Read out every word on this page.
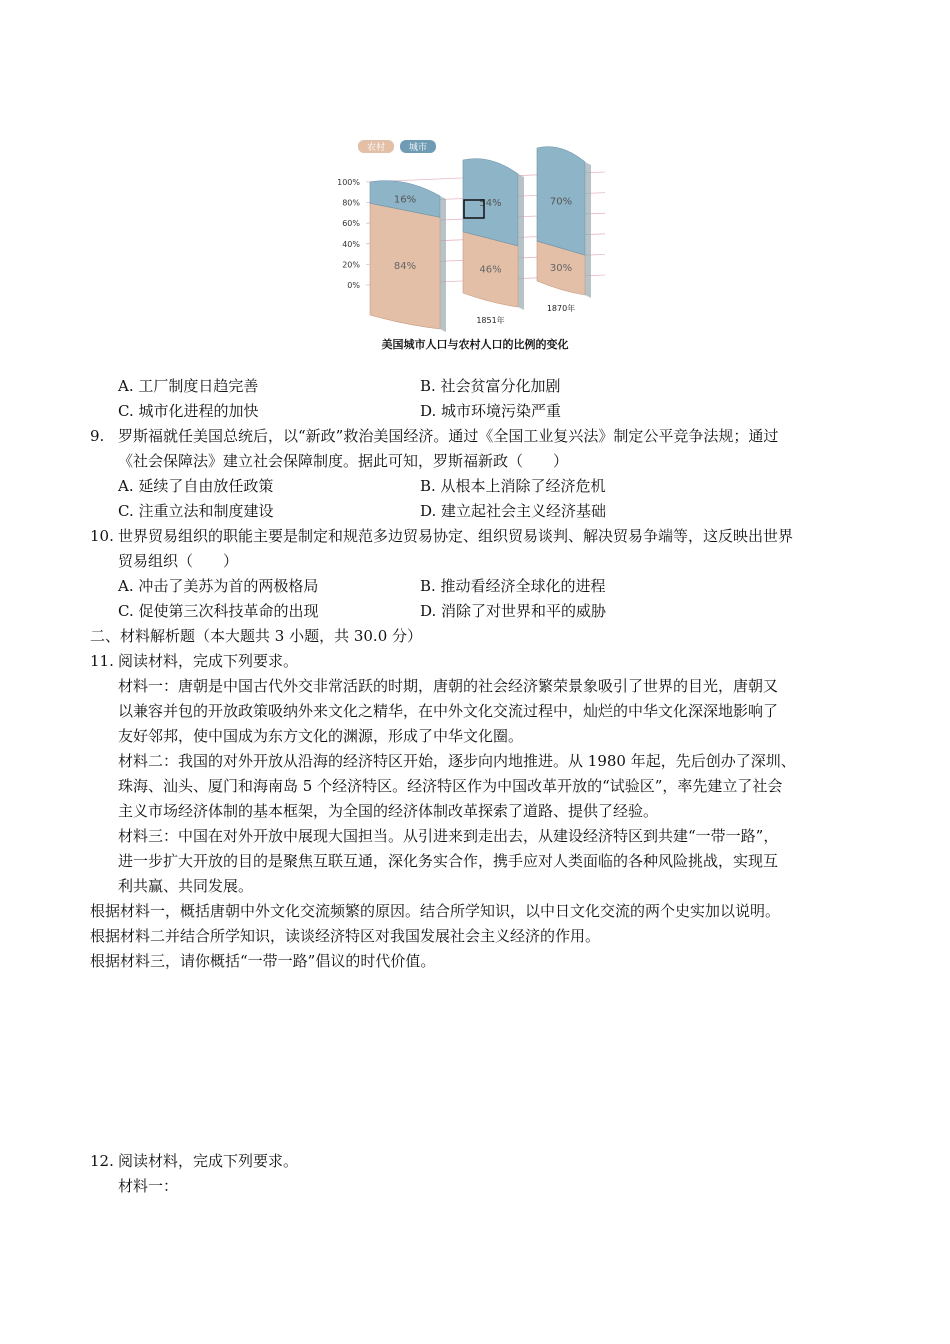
农村	城市
100%
80%
60%
40%
20%
0%
16%
84%
54%
46%
1851年
70%
30%
1870年
美国城市人口与农村人口的比例的变化
A. 工厂制度日趋完善	B. 社会贫富分化加剧
C. 城市化进程的加快	D. 城市环境污染严重
9. 罗斯福就任美国总统后，以“新政”救治美国经济。通过《全国工业复兴法》制定公平竞争法规；通过
《社会保障法》建立社会保障制度。据此可知，罗斯福新政（　　）
A. 延续了自由放任政策	B. 从根本上消除了经济危机
C. 注重立法和制度建设	D. 建立起社会主义经济基础
10. 世界贸易组织的职能主要是制定和规范多边贸易协定、组织贸易谈判、解决贸易争端等，这反映出世界
贸易组织（　　）
A. 冲击了美苏为首的两极格局	B. 推动看经济全球化的进程
C. 促使第三次科技革命的出现	D. 消除了对世界和平的威胁
二、材料解析题（本大题共 3 小题，共 30.0 分）
11. 阅读材料，完成下列要求。
材料一：唐朝是中国古代外交非常活跃的时期，唐朝的社会经济繁荣景象吸引了世界的目光，唐朝又
以兼容并包的开放政策吸纳外来文化之精华，在中外文化交流过程中，灿烂的中华文化深深地影响了
友好邻邦，使中国成为东方文化的渊源，形成了中华文化圈。
材料二：我国的对外开放从沿海的经济特区开始，逐步向内地推进。从 1980 年起，先后创办了深圳、
珠海、汕头、厦门和海南岛 5 个经济特区。经济特区作为中国改革开放的“试验区”，率先建立了社会
主义市场经济体制的基本框架，为全国的经济体制改革探索了道路、提供了经验。
材料三：中国在对外开放中展现大国担当。从引进来到走出去，从建设经济特区到共建“一带一路”，
进一步扩大开放的目的是聚焦互联互通，深化务实合作，携手应对人类面临的各种风险挑战，实现互
利共赢、共同发展。
根据材料一，概括唐朝中外文化交流频繁的原因。结合所学知识，以中日文化交流的两个史实加以说明。
根据材料二并结合所学知识，读谈经济特区对我国发展社会主义经济的作用。
根据材料三，请你概括“一带一路”倡议的时代价值。
12. 阅读材料，完成下列要求。
材料一：
